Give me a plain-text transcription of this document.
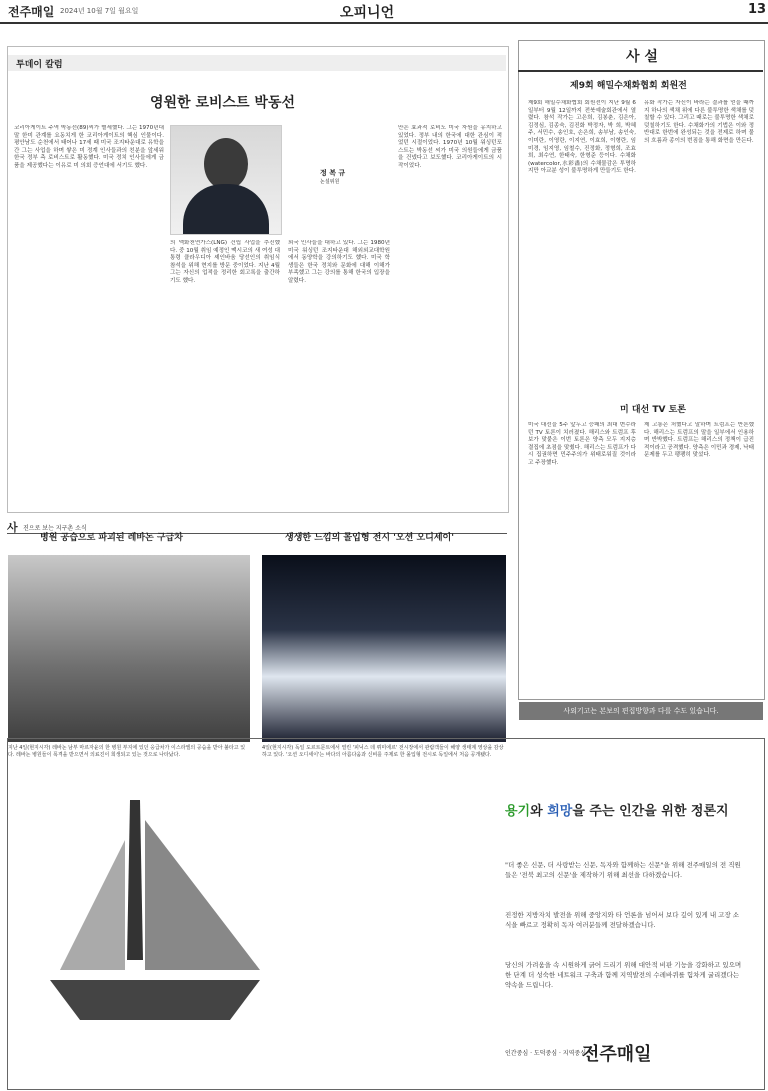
전주매일 2024년 10월 7일 월요일	오피니언	13
투데이 칼럼
영원한 로비스트 박동선
정 복 규
논설위원
코리아게이트 주역 박동선(89)씨가 별세했다. 그는 1970년대 말 한미 관계를 요동치게 한 코리아게이트의 핵심 인물이다. 평안남도 순천에서 태어나 17세 때 미국 조지타운대로 유학을 간 그는 사업을 하며 쌓은 미 정계 인사들과의 친분을 앞세워 한국 정부 측 로비스트로 활동했다. 미국 정치 인사들에게 금품을 제공했다는 이유로 미 의회 증언대에 서기도 했다.
의 액화천연가스(LNG) 건립 사업을 추진했다. 중 10월 취임 예정인 맥시코의 새 여성 대통령 클라우디아 셰인바움 당선인의 취임식 참석을 위해 현지를 방문 중이었다. 지난 4월 그는 자신의 업적을 정리한 회고록을 출간하기도 했다.
외국 인사들을 대하고 있다. 그는 1980년 미국 워싱턴 조지타운대 해외외교대학원에서 동양학을 강의하기도 했다. 미국 학생들은 한국 정치와 문화에 대해 이해가 부족했고 그는 강의를 통해 한국의 입장을 알렸다.
만은 효과적 로비도 미국 자원을 유지하고 있었다. 정부 내의 한국에 대한 관심이 적었던 시절이었다. 1970년 10월 워싱턴포스트는 박동선 씨가 미국 의원들에게 금품을 건넸다고 보도했다. 코리아게이트의 시작이었다.
사 설
제9회 해밀수채화협회 회원전
제9회 해밀수채화협회 회원전이 지난 9월 6일부터 9월 12일까지 전북예술회관에서 열렸다. 참석 작가는 고은희, 김봉춘, 김은아, 김정심, 김종숙, 김진화 박정자, 박 희, 박혜주, 서민수, 송인호, 손은희, 송부남, 송인숙, 이미란, 이영란, 이지연, 이효희, 이형란, 임미경, 임지영, 임철수, 진정화, 정형희, 조효희, 최수연, 한태숙, 한형준 등이다. 수채화(watercolor,水彩畵)의 수채물감은 투명하지만 아교분 성이 불투명하게 만들기도 한다.
유화 작가는 자신이 바라는 결과를 얻을 때까지 하나의 색채 위에 다른 불투명한 색채를 덧칠할 수 있다. 그리고 때로는 불투명한 색채로 덧칠하기도 한다. 수채화가의 기법은 이와 정반대로 한번에 완성되는 것을 전제로 하며 물의 흐름과 종이의 번짐을 통해 화면을 만든다.
미 대선 TV 토론
미국 대선을 5주 앞두고 승패의 최대 변수라던 TV 토론이 치러졌다. 해리스와 트럼프 후보가 맞붙은 이번 토론은 양측 모두 지지층 결집에 초점을 맞췄다. 해리스는 트럼프가 다시 집권하면 민주주의가 위태로워질 것이라고 주장했다.
제 고통은 처했다고 말하며 트럼프는 반론했다. 해리스는 트럼프의 말을 일부에서 인용하며 반박했다. 트럼프는 해리스의 정책이 급진적이라고 공격했다. 양측은 이민과 경제, 낙태 문제를 두고 팽팽히 맞섰다.
사외기고는 본보의 편집방향과 다를 수도 있습니다.
사 진으로 보는 지구촌 소식
병원 공습으로 파괴된 레바논 구급차	생생한 느낌의 몰입형 전시 '오션 오디세이'
지난 4일(현지시각) 레바논 남부 마르자윤의 한 병원 부지에 있던 응급차가 이스라엘의 공습을 받아 불타고 있다. 레바논 병원들이 폭격을 받으면서 의료진이 희생되고 있는 것으로 나타났다.
4일(현지시각) 독일 도르트문트에서 열린 '피닉스 데 뤼미에르' 전시장에서 관람객들이 해양 생태계 영상을 감상하고 있다. '오션 오디세이'는 바다의 아름다움과 신비를 주제로 한 몰입형 전시로 독일에서 처음 공개됐다.
용기와 희망을 주는 인간을 위한 정론지
"더 좋은 신문, 더 사랑받는 신문, 독자와 함께하는 신문"을 위해 전주매일의 전 직원들은 '전북 최고의 신문'을 제작하기 위해 최선을 다하겠습니다.
진정한 지방자치 발전을 위해 중앙지와 타 언론을 넘어서 보다 깊이 있게 내 고장 소식을 빠르고 정확히 독자 여러분들께 전달하겠습니다.
당신의 가려움을 속 시원하게 긁어 드리기 위해 대안적 비판 기능을 강화하고 있으며 한 단계 더 성숙한 네트워크 구축과 함께 지역발전의 수레바퀴를 힘차게 굴리겠다는 약속을 드립니다.
인간중심 · 도덕중심 · 지역중심
전주매일
